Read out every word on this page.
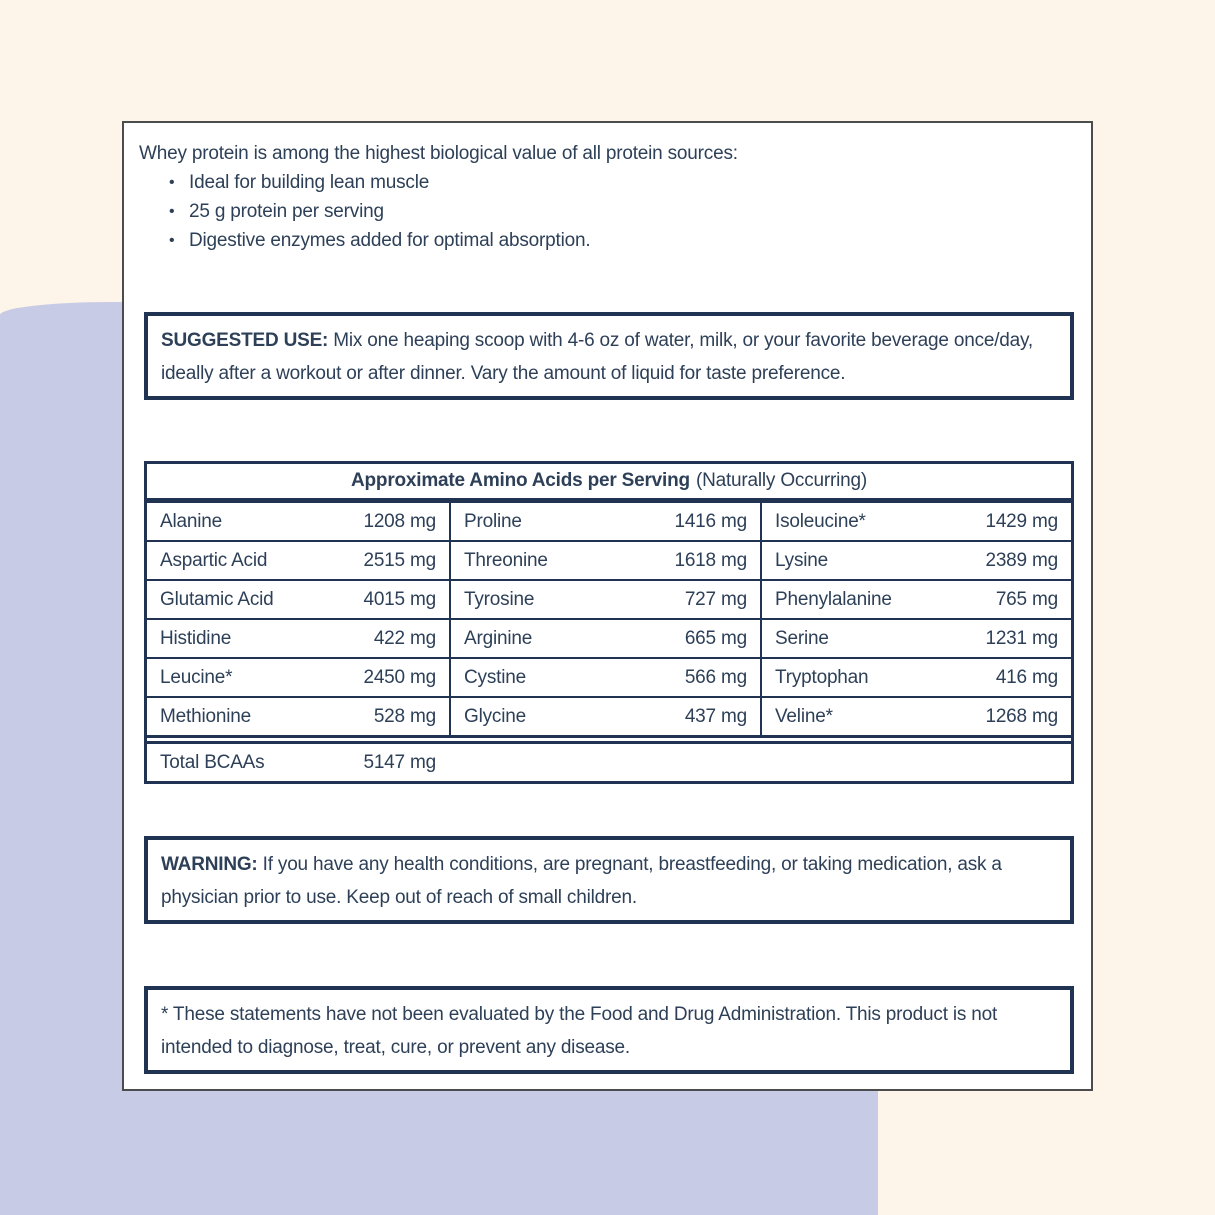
Whey protein is among the highest biological value of all protein sources:

• Ideal for building lean muscle
• 25 g protein per serving
• Digestive enzymes added for optimal absorption.
SUGGESTED USE: Mix one heaping scoop with 4-6 oz of water, milk, or your favorite beverage once/day, ideally after a workout or after dinner. Vary the amount of liquid for taste preference.
Approximate Amino Acids per Serving (Naturally Occurring)
Alanine	1208 mg Proline	1416 mg Isoleucine*	1429 mg
Aspartic Acid	2515 mg Threonine	1618 mg Lysine	2389 mg
Glutamic Acid	4015 mg Tyrosine	727 mg Phenylalanine	765 mg
Histidine	422 mg Arginine	665 mg Serine	1231 mg
Leucine*	2450 mg Cystine	566 mg Tryptophan	416 mg
Methionine	528 mg Glycine	437 mg Veline*	1268 mg
Total BCAAs	5147 mg
WARNING: If you have any health conditions, are pregnant, breastfeeding, or taking medication, ask a physician prior to use. Keep out of reach of small children.
* These statements have not been evaluated by the Food and Drug Administration. This product is not intended to diagnose, treat, cure, or prevent any disease.
